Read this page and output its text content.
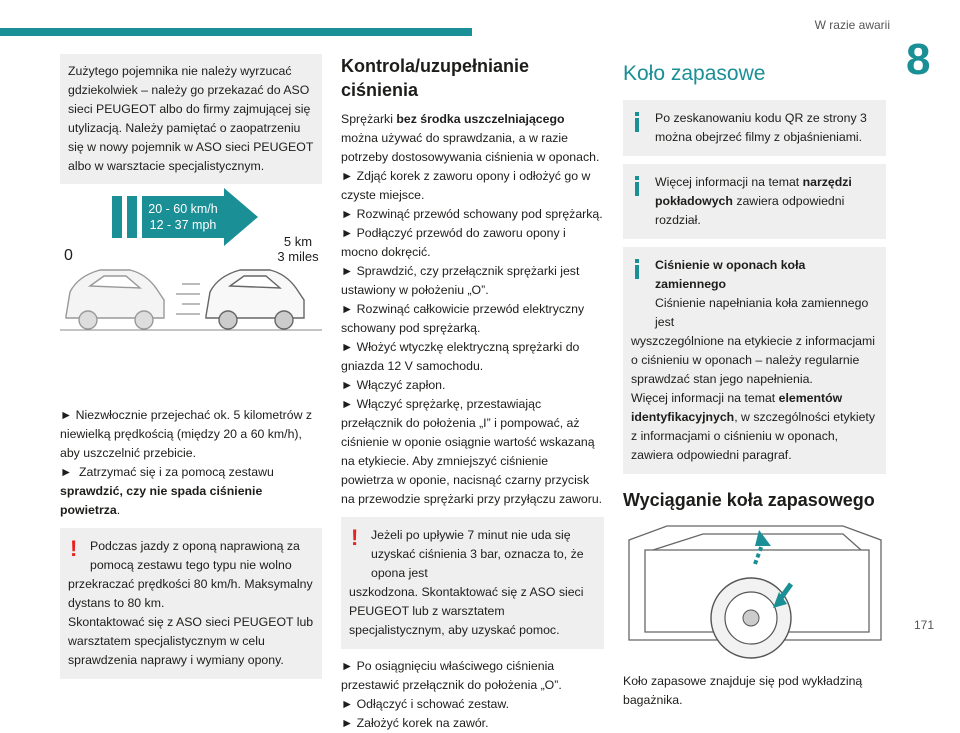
W razie awarii
8

Zużytego pojemnika nie należy wyrzucać gdziekolwiek – należy go przekazać do ASO sieci PEUGEOT albo do firmy zajmującej się utylizacją. Należy pamiętać o zaopatrzeniu się w nowy pojemnik w ASO sieci PEUGEOT albo w warsztacie specjalistycznym.

20 - 60 km/h
12 - 37 mph
0
5 km
3 miles

► Niezwłocznie przejechać ok. 5 kilometrów z niewielką prędkością (między 20 a 60 km/h), aby uszczelnić przebicie.

►  Zatrzymać się i za pomocą zestawu sprawdzić, czy nie spada ciśnienie powietrza.

!	Podczas jazdy z oponą naprawioną za pomocą zestawu tego typu nie wolno

przekraczać prędkości 80 km/h. Maksymalny dystans to 80 km.

Skontaktować się z ASO sieci PEUGEOT lub warsztatem specjalistycznym w celu sprawdzenia naprawy i wymiany opony.

Kontrola/uzupełnianie ciśnienia

Sprężarki bez środka uszczelniającego można używać do sprawdzania, a w razie potrzeby dostosowywania ciśnienia w oponach.

► Zdjąć korek z zaworu opony i odłożyć go w czyste miejsce.

► Rozwinąć przewód schowany pod sprężarką.

► Podłączyć przewód do zaworu opony i mocno dokręcić.

► Sprawdzić, czy przełącznik sprężarki jest ustawiony w położeniu „O”.

► Rozwinąć całkowicie przewód elektryczny schowany pod sprężarką.

► Włożyć wtyczkę elektryczną sprężarki do gniazda 12 V samochodu.

► Włączyć zapłon.

► Włączyć sprężarkę, przestawiając przełącznik do położenia „I” i pompować, aż ciśnienie w oponie osiągnie wartość wskazaną na etykiecie. Aby zmniejszyć ciśnienie powietrza w oponie, nacisnąć czarny przycisk na przewodzie sprężarki przy przyłączu zaworu.

!	Jeżeli po upływie 7 minut nie uda się uzyskać ciśnienia 3 bar, oznacza to, że opona jest

uszkodzona. Skontaktować się z ASO sieci PEUGEOT lub z warsztatem specjalistycznym, aby uzyskać pomoc.

► Po osiągnięciu właściwego ciśnienia przestawić przełącznik do położenia „O”.

► Odłączyć i schować zestaw.

► Założyć korek na zawór.

Koło zapasowe
Po zeskanowaniu kodu QR ze strony 3 można obejrzeć filmy z objaśnieniami.
Więcej informacji na temat narzędzi pokładowych zawiera odpowiedni rozdział.
Ciśnienie w oponach koła zamiennego
Ciśnienie napełniania koła zamiennego jest

wyszczególnione na etykiecie z informacjami o ciśnieniu w oponach – należy regularnie sprawdzać stan jego napełnienia.

Więcej informacji na temat elementów identyfikacyjnych, w szczególności etykiety z informacjami o ciśnieniu w oponach, zawiera odpowiedni paragraf.

Wyciąganie koła zapasowego

Koło zapasowe znajduje się pod wykładziną bagażnika.

171
